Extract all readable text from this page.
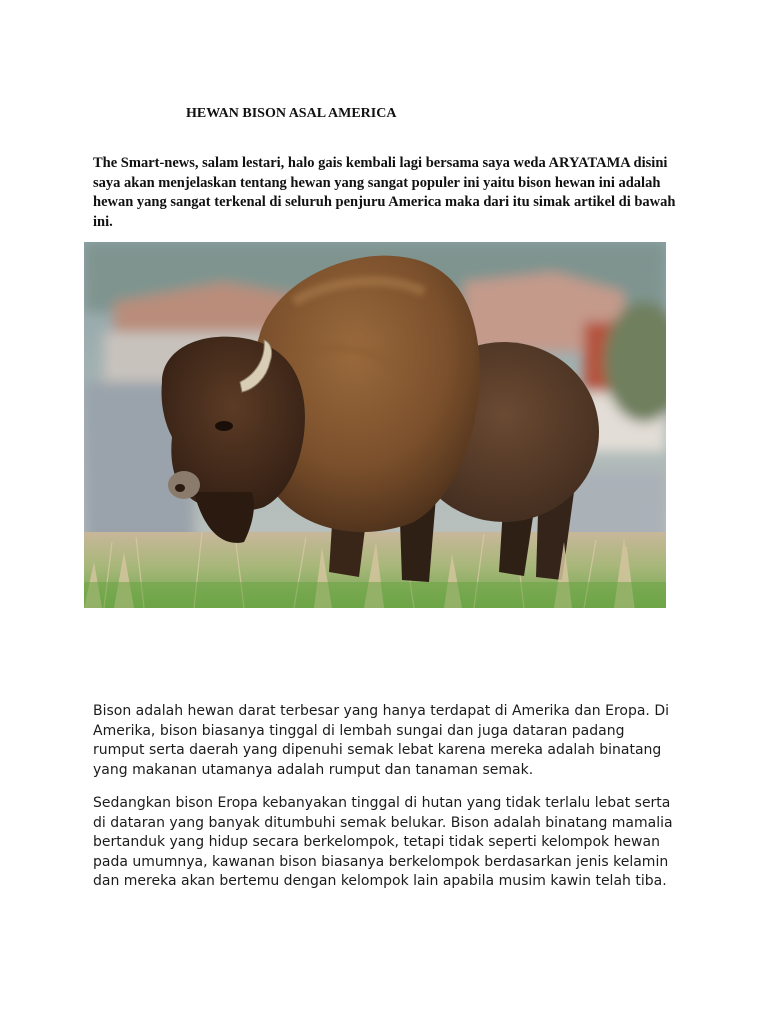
HEWAN BISON ASAL AMERICA

The Smart-news, salam lestari, halo gais kembali lagi bersama saya weda ARYATAMA disini saya akan menjelaskan tentang hewan yang sangat populer ini yaitu bison hewan ini adalah hewan yang sangat terkenal di seluruh penjuru America maka dari itu simak artikel di bawah ini.

Bison adalah hewan darat terbesar yang hanya terdapat di Amerika dan Eropa. Di Amerika, bison biasanya tinggal di lembah sungai dan juga dataran padang rumput serta daerah yang dipenuhi semak lebat karena mereka adalah binatang yang makanan utamanya adalah rumput dan tanaman semak.

Sedangkan bison Eropa kebanyakan tinggal di hutan yang tidak terlalu lebat serta di dataran yang banyak ditumbuhi semak belukar. Bison adalah binatang mamalia bertanduk yang hidup secara berkelompok, tetapi tidak seperti kelompok hewan pada umumnya, kawanan bison biasanya berkelompok berdasarkan jenis kelamin dan mereka akan bertemu dengan kelompok lain apabila musim kawin telah tiba.
